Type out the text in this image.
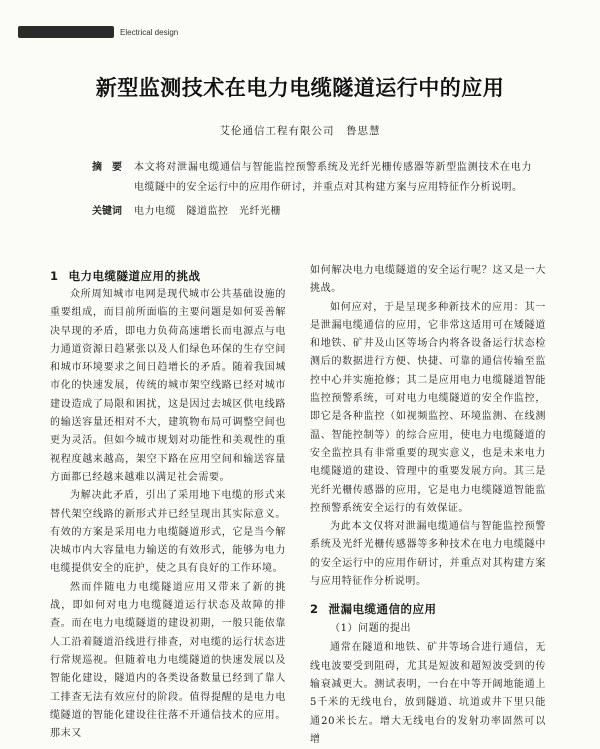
Electrical design
新型监测技术在电力电缆隧道运行中的应用
艾伦通信工程有限公司　鲁思慧
摘　要	本文将对泄漏电缆通信与智能监控预警系统及光纤光栅传感器等新型监测技术在电力电缆隧中的安全运行中的应用作研讨，并重点对其构建方案与应用特征作分析说明。
关键词	电力电缆　隧道监控　光纤光栅
1 电力电缆隧道应用的挑战

众所周知城市电网是现代城市公共基础设施的重要组成，而目前所面临的主要问题是如何妥善解决早现的矛盾，即电力负荷高速增长而电源点与电力通道资源日趋紧张以及人们绿色环保的生存空间和城市环境要求之间日趋增长的矛盾。随着我国城市化的快速发展，传统的城市架空线路已经对城市建设造成了局限和困扰，这是因过去城区供电线路的输送容量还相对不大，建筑物布局可调整空间也更为灵活。但如今城市规划对功能性和美观性的重视程度越来越高，架空下路在应用空间和输送容量方面都已经越来越难以满足社会需要。

为解决此矛盾，引出了采用地下电缆的形式来替代架空线路的新形式并已经呈现出其实际意义。有效的方案是采用电力电缆隧道形式，它是当今解决城市内大容量电力输送的有效形式，能够为电力电缆提供安全的庇护，使之具有良好的工作环境。

然而伴随电力电缆隧道应用又带来了新的挑战，即如何对电力电缆隧道运行状态及故障的排查。而在电力电缆隧道的建设初期，一般只能依靠人工沿着隧道沿线进行排查，对电缆的运行状态进行常规巡视。但随着电力电缆隧道的快速发展以及智能化建设，隧道内的各类设备数量已经到了靠人工排查无法有效应付的阶段。值得提醒的是电力电缆隧道的智能化建设往往落不开通信技术的应用。那末又

如何解决电力电缆隧道的安全运行呢？这又是一大挑战。

如何应对，于是呈现多种新技术的应用：其一是泄漏电缆通信的应用，它非常这适用可在矮隧道和地铁、矿井及山区等场合内将各设备运行状态检测后的数据进行方便、快捷、可靠的通信传输至监控中心并实施抢修；其二是应用电力电缆隧道智能监控预警系统，可对电力电缆隧道的安全作监控，即它是各种监控（如视频监控、环境监测、在线测温、智能控制等）的综合应用，使电力电缆隧道的安全监控具有非常重要的现实意义，也是未来电力电缆隧道的建设、管理中的重要发展方向。其三是光纤光栅传感器的应用，它是电力电缆隧道智能监控预警系统安全运行的有效保证。

为此本文仅将对泄漏电缆通信与智能监控预警系统及光纤光栅传感器等多种技术在电力电缆隧中的安全运行中的应用作研讨，并重点对其构建方案与应用特征作分析说明。

2 泄漏电缆通信的应用
（1）问题的提出

通常在隧道和地铁、矿井等场合进行通信，无线电波要受到阻碍，尤其是短波和超短波受到的传输衰减更大。测试表明，一台在中等开阔地能通上5千米的无线电台，放到隧道、坑道或井下里只能通20米长左。增大无线电台的发射功率固然可以增
